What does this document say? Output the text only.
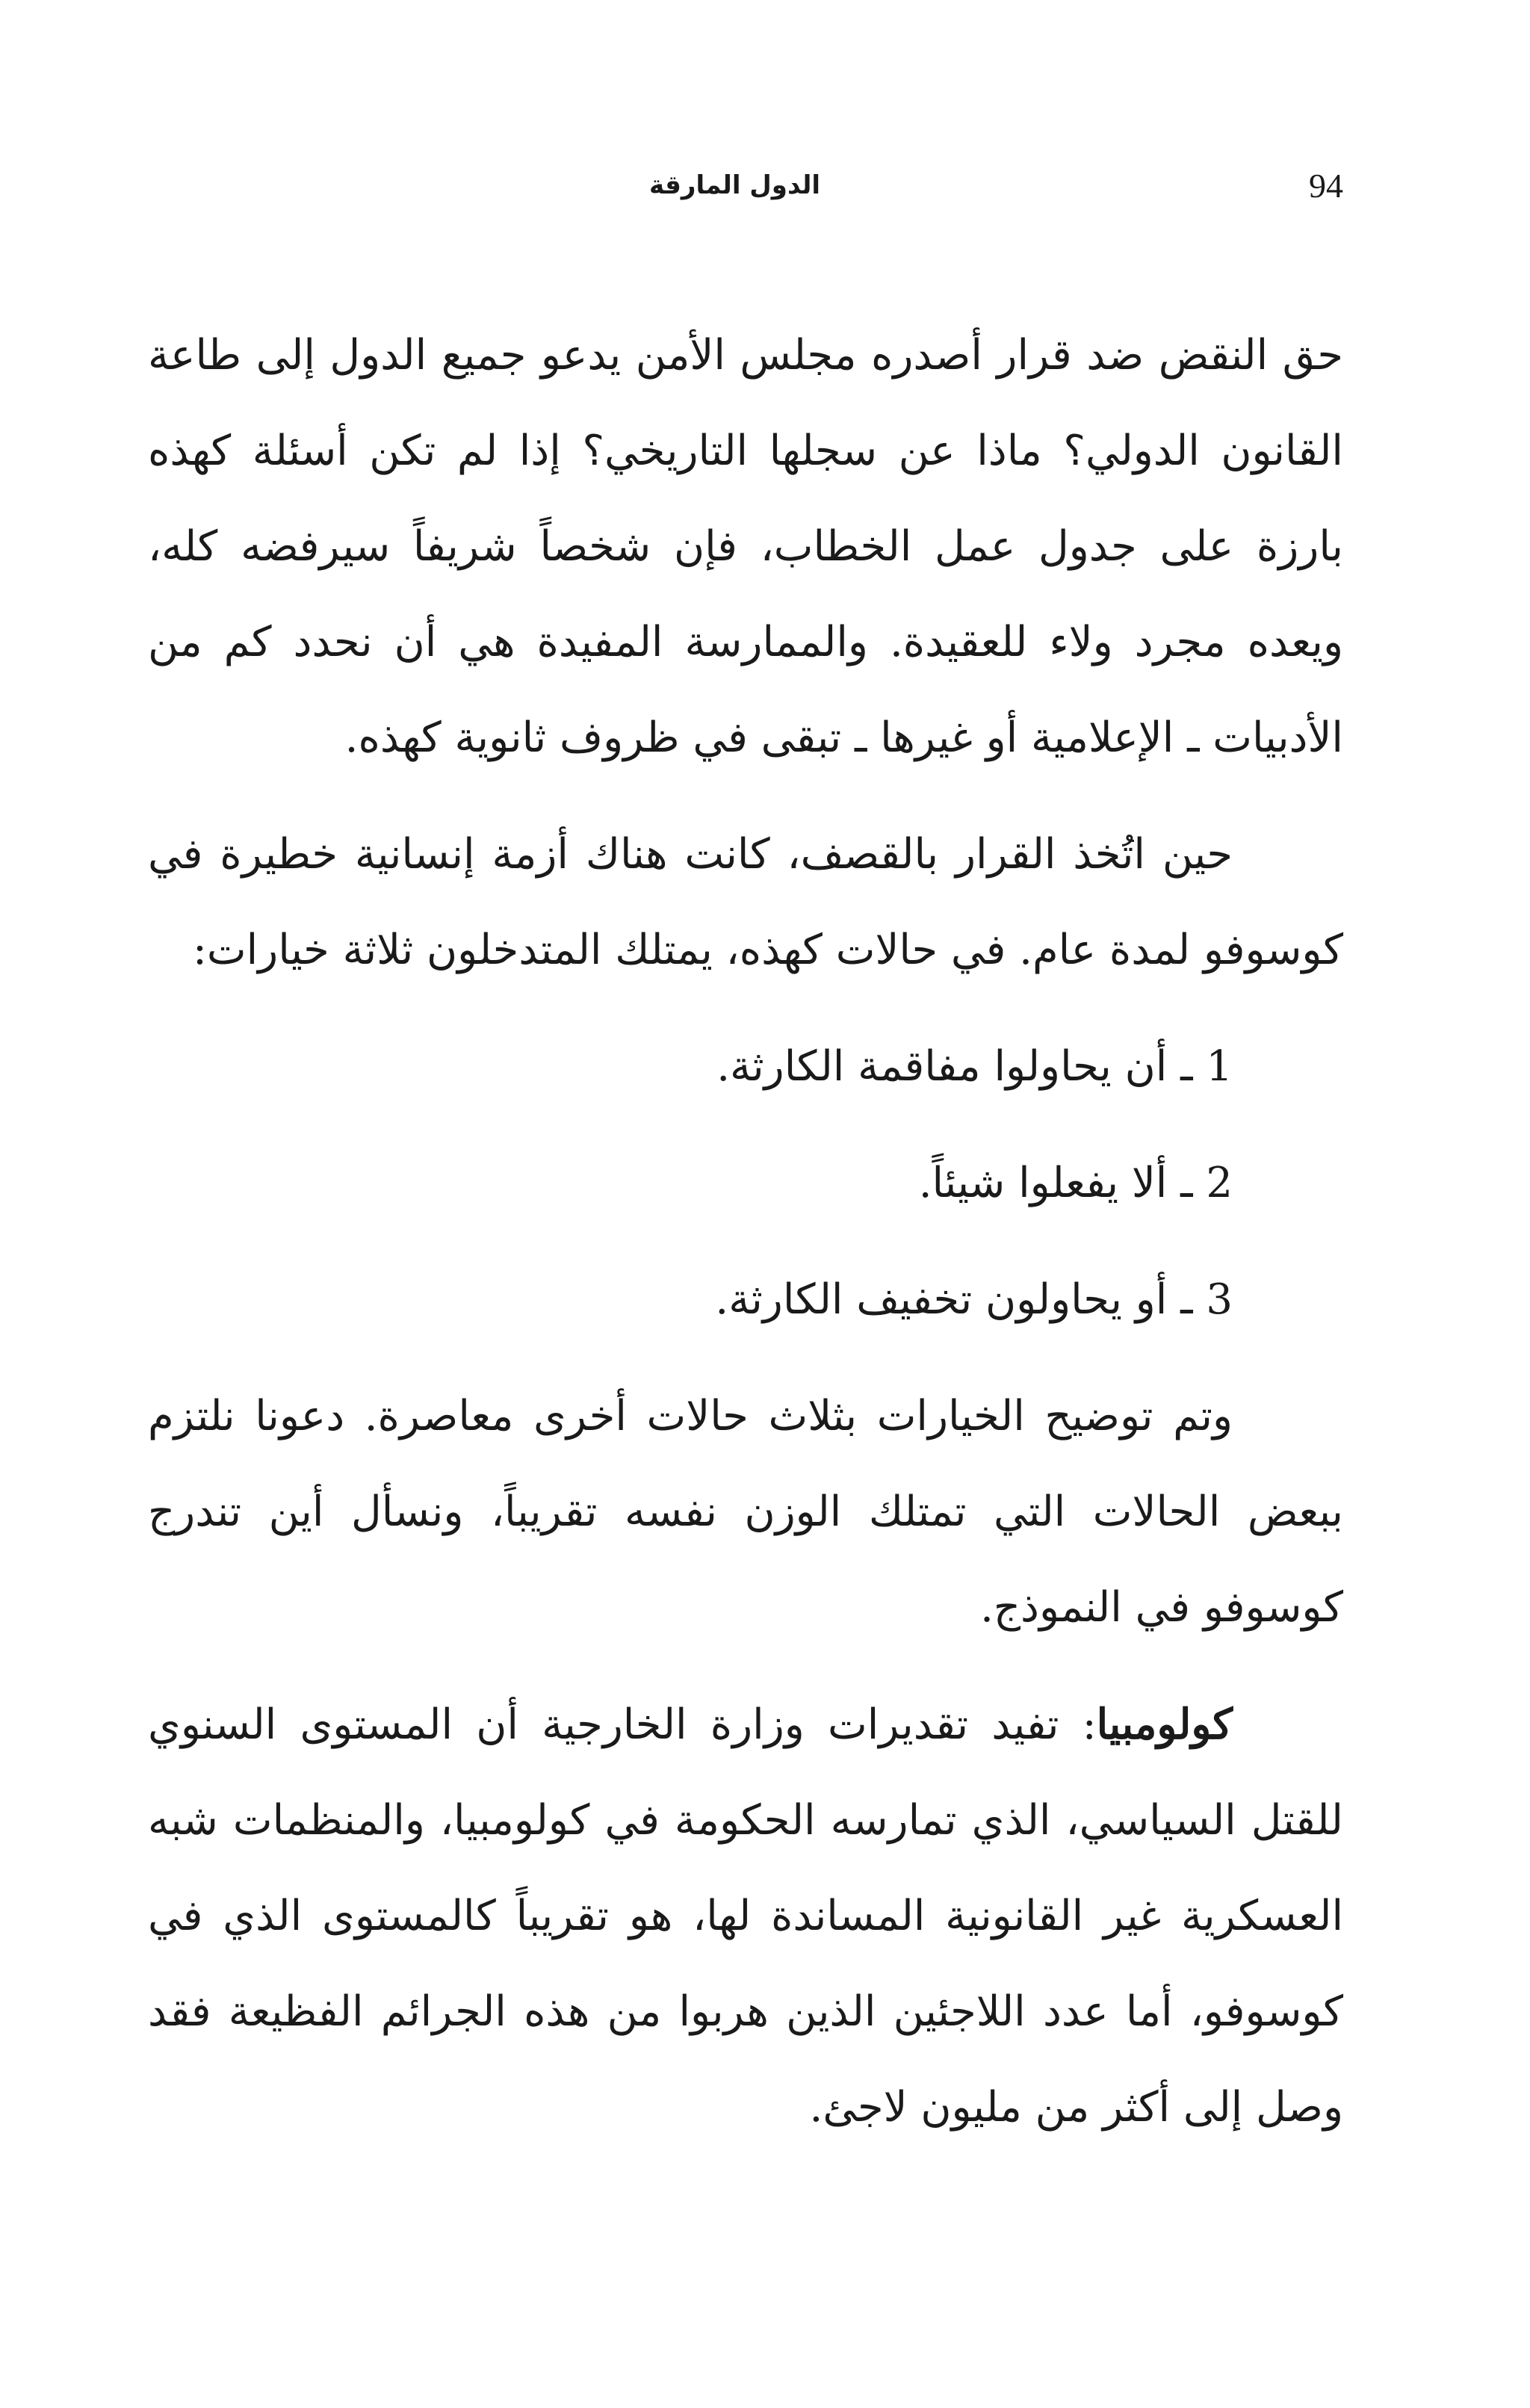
94
الدول المارقة

حق النقض ضد قرار أصدره مجلس الأمن يدعو جميع الدول إلى طاعة القانون الدولي؟ ماذا عن سجلها التاريخي؟ إذا لم تكن أسئلة كهذه بارزة على جدول عمل الخطاب، فإن شخصاً شريفاً سيرفضه كله، ويعده مجرد ولاء للعقيدة. والممارسة المفيدة هي أن نحدد كم من الأدبيات ـ الإعلامية أو غيرها ـ تبقى في ظروف ثانوية كهذه.

حين اتُخذ القرار بالقصف، كانت هناك أزمة إنسانية خطيرة في كوسوفو لمدة عام. في حالات كهذه، يمتلك المتدخلون ثلاثة خيارات:

1 ـ أن يحاولوا مفاقمة الكارثة.

2 ـ ألا يفعلوا شيئاً.

3 ـ أو يحاولون تخفيف الكارثة.

وتم توضيح الخيارات بثلاث حالات أخرى معاصرة. دعونا نلتزم ببعض الحالات التي تمتلك الوزن نفسه تقريباً، ونسأل أين تندرج كوسوفو في النموذج.

كولومبيا: تفيد تقديرات وزارة الخارجية أن المستوى السنوي للقتل السياسي، الذي تمارسه الحكومة في كولومبيا، والمنظمات شبه العسكرية غير القانونية المساندة لها، هو تقريباً كالمستوى الذي في كوسوفو، أما عدد اللاجئين الذين هربوا من هذه الجرائم الفظيعة فقد وصل إلى أكثر من مليون لاجئ.
